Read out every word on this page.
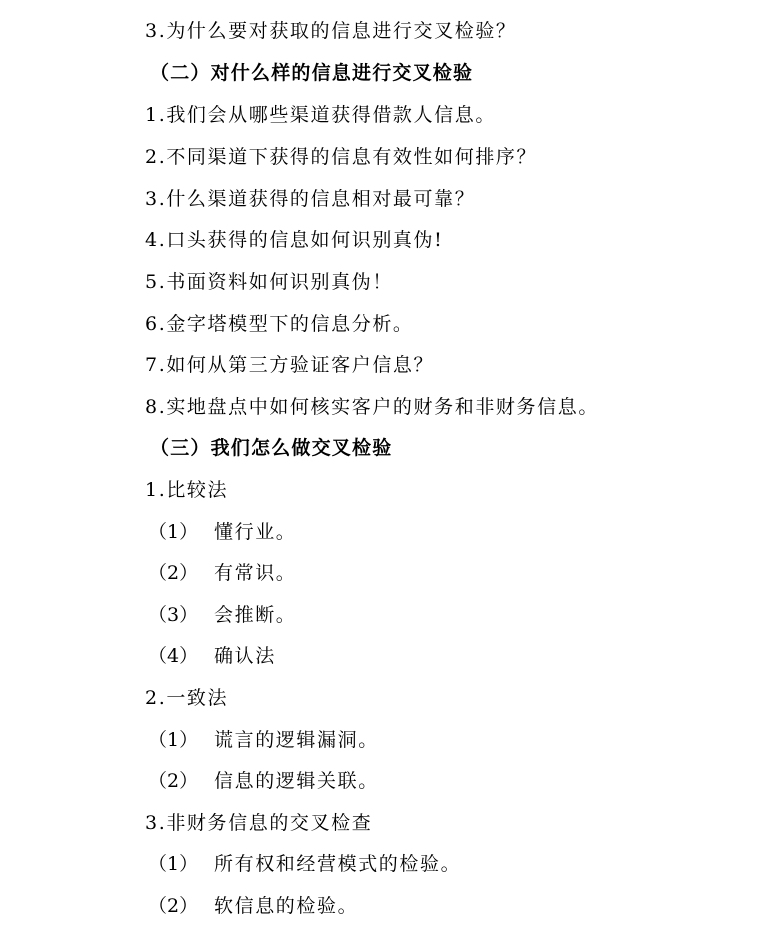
3.为什么要对获取的信息进行交叉检验？
（二）对什么样的信息进行交叉检验
1.我们会从哪些渠道获得借款人信息。
2.不同渠道下获得的信息有效性如何排序？
3.什么渠道获得的信息相对最可靠？
4.口头获得的信息如何识别真伪!
5.书面资料如何识别真伪！
6.金字塔模型下的信息分析。
7.如何从第三方验证客户信息？
8.实地盘点中如何核实客户的财务和非财务信息。
（三）我们怎么做交叉检验
1.比较法
（1） 懂行业。
（2） 有常识。
（3） 会推断。
（4） 确认法
2.一致法
（1） 谎言的逻辑漏洞。
（2） 信息的逻辑关联。
3.非财务信息的交叉检查
（1） 所有权和经营模式的检验。
（2） 软信息的检验。
